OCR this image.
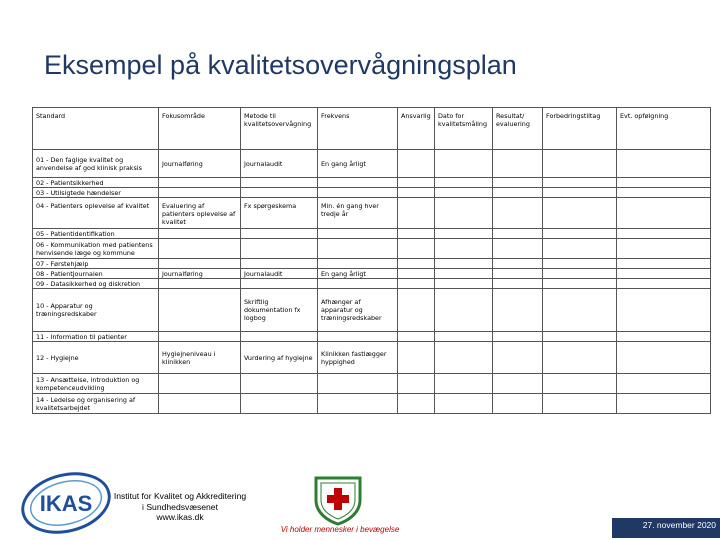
Eksempel på kvalitetsovervågningsplan
Standard	Fokusområde	Metode til kvalitetsovervågning	Frekvens	Ansvarlig	Dato for kvalitetsmåling	Resultat/ evaluering	Forbedringstiltag	Evt. opfølgning
01 - Den faglige kvalitet og anvendelse af god klinisk praksis	Journalføring	Journalaudit	En gang årligt					
02 - Patientsikkerhed								
03 - Utilsigtede hændelser								
04 - Patienters oplevelse af kvalitet	Evaluering af patienters oplevelse af kvalitet	Fx spørgeskema	Min. én gang hver tredje år					
05 - Patientidentifikation								
06 - Kommunikation med patientens henvisende læge og kommune								
07 - Førstehjælp								
08 - Patientjournalen	Journalføring	Journalaudit	En gang årligt					
09 - Datasikkerhed og diskretion								
10 - Apparatur og træningsredskaber		Skriftlig dokumentation fx logbog	Afhænger af apparatur og træningsredskaber					
11 - Information til patienter								
12 - Hygiejne	Hygiejneniveau i klinikken	Vurdering af hygiejne	Klinikken fastlægger hyppighed					
13 - Ansættelse, introduktion og kompetenceudvikling								
14 - Ledelse og organisering af kvalitetsarbejdet								
IKAS	Institut for Kvalitet og Akkreditering
i Sundhedsvæsenet
www.ikas.dk
Vi holder mennesker i bevægelse	27. november 2020
